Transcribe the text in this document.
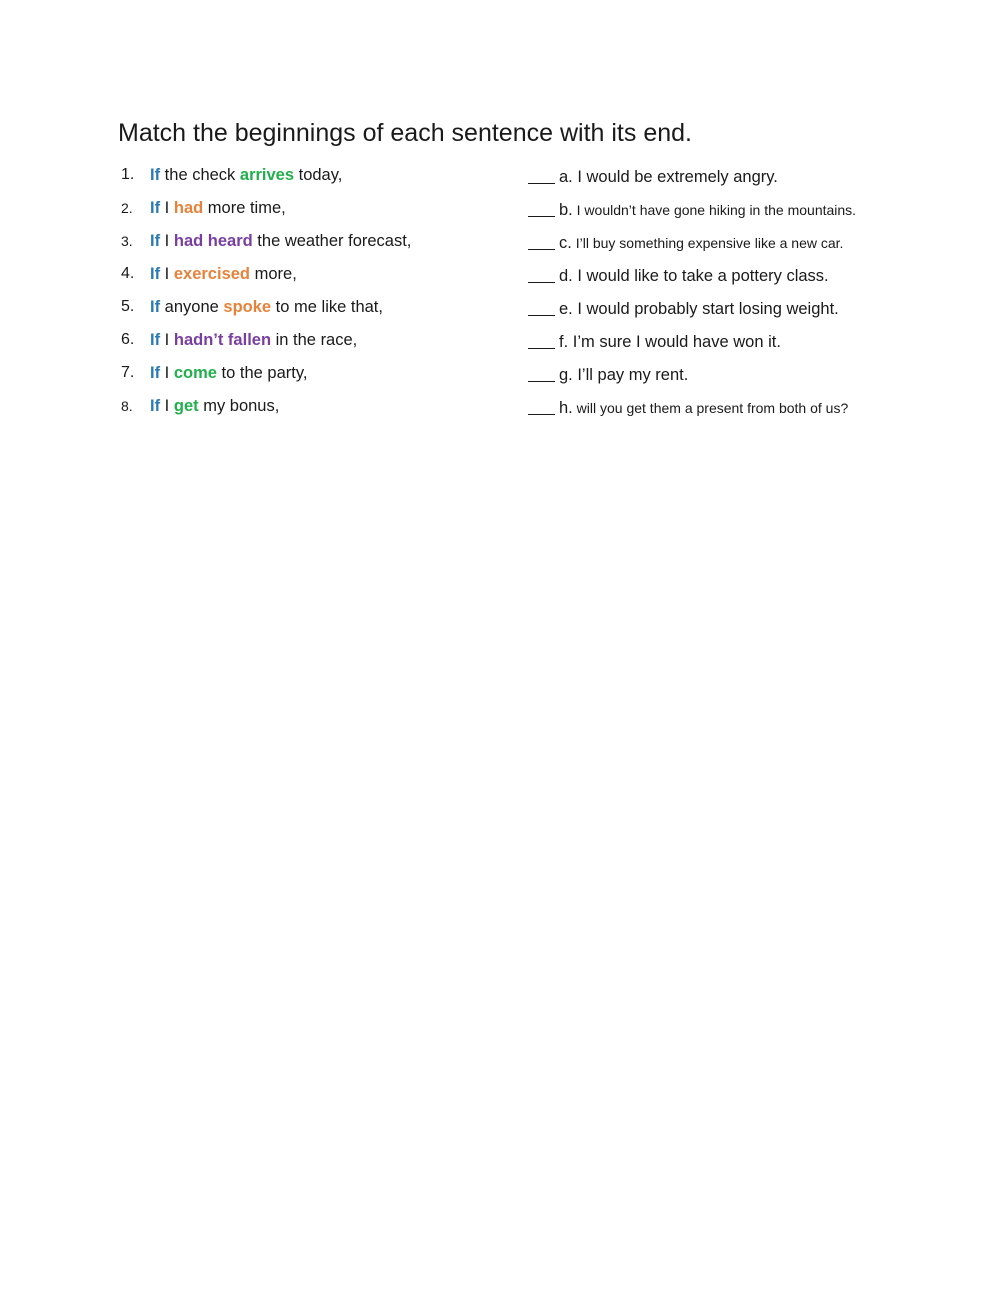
Match the beginnings of each sentence with its end.
1. If the check arrives today,	a. I would be extremely angry.
2. If I had more time,	b. I wouldn’t have gone hiking in the mountains.
3. If I had heard the weather forecast,	c. I’ll buy something expensive like a new car.
4. If I exercised more,	d. I would like to take a pottery class.
5. If anyone spoke to me like that,	e. I would probably start losing weight.
6. If I hadn’t fallen in the race,	f. I’m sure I would have won it.
7. If I come to the party,	g. I’ll pay my rent.
8. If I get my bonus,	h. will you get them a present from both of us?
